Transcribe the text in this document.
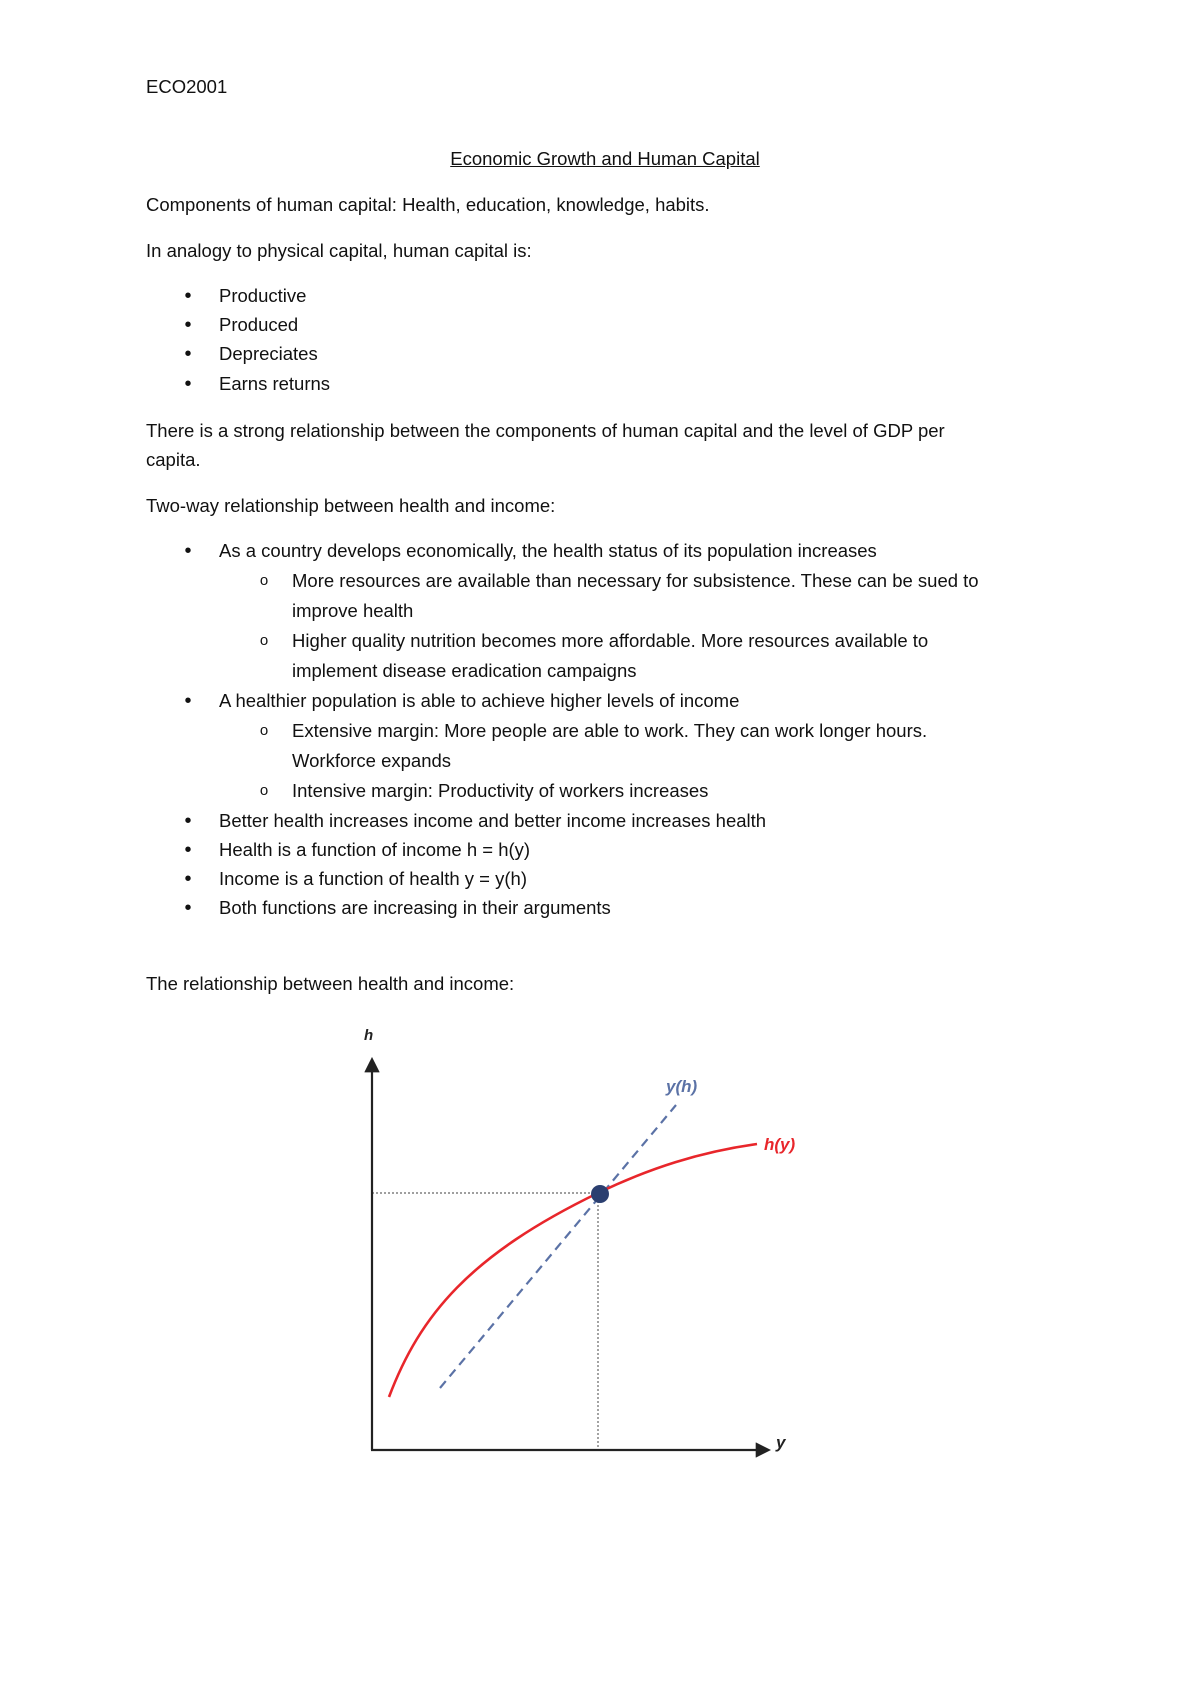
ECO2001
Economic Growth and Human Capital
Components of human capital: Health, education, knowledge, habits.
In analogy to physical capital, human capital is:
• Productive
• Produced
• Depreciates
• Earns returns
There is a strong relationship between the components of human capital and the level of GDP per
capita.
Two-way relationship between health and income:
• As a country develops economically, the health status of its population increases
o More resources are available than necessary for subsistence. These can be sued to
improve health
o Higher quality nutrition becomes more affordable. More resources available to
implement disease eradication campaigns
• A healthier population is able to achieve higher levels of income
o Extensive margin: More people are able to work. They can work longer hours.
Workforce expands
o Intensive margin: Productivity of workers increases
• Better health increases income and better income increases health
• Health is a function of income h = h(y)
• Income is a function of health y = y(h)
• Both functions are increasing in their arguments
The relationship between health and income:
h
y
y(h)
h(y)
